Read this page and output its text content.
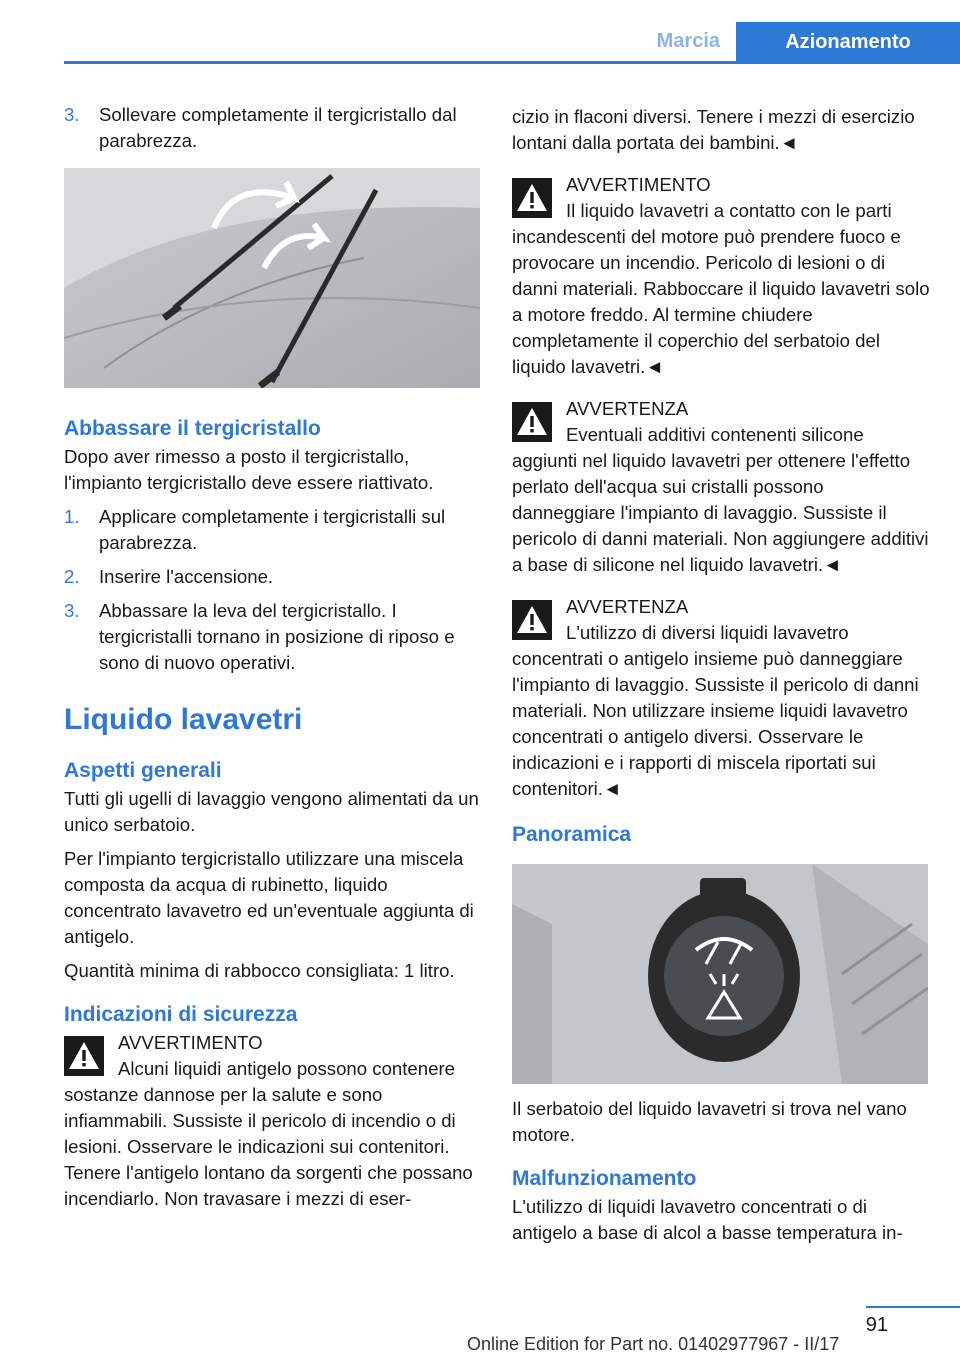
Marcia	Azionamento
3. Sollevare completamente il tergicristallo dal parabrezza.
Abbassare il tergicristallo

Dopo aver rimesso a posto il tergicristallo, l'impianto tergicristallo deve essere riattivato.

1. Applicare completamente i tergicristalli sul parabrezza.
2. Inserire l'accensione.
3. Abbassare la leva del tergicristallo. I tergicristalli tornano in posizione di riposo e sono di nuovo operativi.
Liquido lavavetri
Aspetti generali

Tutti gli ugelli di lavaggio vengono alimentati da un unico serbatoio.

Per l'impianto tergicristallo utilizzare una miscela composta da acqua di rubinetto, liquido concentrato lavavetro ed un'eventuale aggiunta di antigelo.

Quantità minima di rabbocco consigliata: 1 litro.

Indicazioni di sicurezza
AVVERTIMENTO
Alcuni liquidi antigelo possono contenere sostanze dannose per la salute e sono infiammabili. Sussiste il pericolo di incendio o di lesioni. Osservare le indicazioni sui contenitori. Tenere l'antigelo lontano da sorgenti che possano incendiarlo. Non travasare i mezzi di eser-

cizio in flaconi diversi. Tenere i mezzi di esercizio lontani dalla portata dei bambini.◄

AVVERTIMENTO
Il liquido lavavetri a contatto con le parti incandescenti del motore può prendere fuoco e provocare un incendio. Pericolo di lesioni o di danni materiali. Rabboccare il liquido lavavetri solo a motore freddo. Al termine chiudere completamente il coperchio del serbatoio del liquido lavavetri.◄
AVVERTENZA
Eventuali additivi contenenti silicone aggiunti nel liquido lavavetri per ottenere l'effetto perlato dell'acqua sui cristalli possono danneggiare l'impianto di lavaggio. Sussiste il pericolo di danni materiali. Non aggiungere additivi a base di silicone nel liquido lavavetri.◄
AVVERTENZA
L'utilizzo di diversi liquidi lavavetro concentrati o antigelo insieme può danneggiare l'impianto di lavaggio. Sussiste il pericolo di danni materiali. Non utilizzare insieme liquidi lavavetro concentrati o antigelo diversi. Osservare le indicazioni e i rapporti di miscela riportati sui contenitori.◄
Panoramica

Il serbatoio del liquido lavavetri si trova nel vano motore.

Malfunzionamento

L'utilizzo di liquidi lavavetro concentrati o di antigelo a base di alcol a basse temperatura in-

91
Online Edition for Part no. 01402977967 - II/17
